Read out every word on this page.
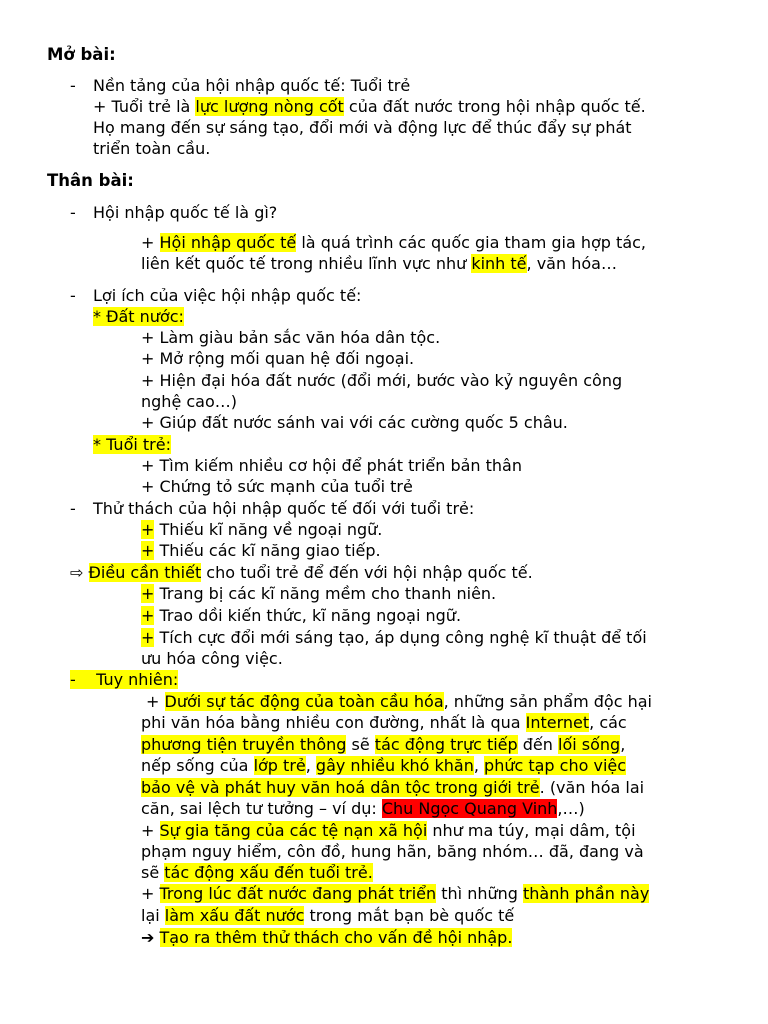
Mở bài:
- Nền tảng của hội nhập quốc tế: Tuổi trẻ
+ Tuổi trẻ là lực lượng nòng cốt của đất nước trong hội nhập quốc tế.
Họ mang đến sự sáng tạo, đổi mới và động lực để thúc đẩy sự phát
triển toàn cầu.
Thân bài:
- Hội nhập quốc tế là gì?
+ Hội nhập quốc tế là quá trình các quốc gia tham gia hợp tác,
liên kết quốc tế trong nhiều lĩnh vực như kinh tế, văn hóa…
- Lợi ích của việc hội nhập quốc tế:
* Đất nước:
+ Làm giàu bản sắc văn hóa dân tộc.
+ Mở rộng mối quan hệ đối ngoại.
+ Hiện đại hóa đất nước (đổi mới, bước vào kỷ nguyên công
nghệ cao…)
+ Giúp đất nước sánh vai với các cường quốc 5 châu.
* Tuổi trẻ:
+ Tìm kiếm nhiều cơ hội để phát triển bản thân
+ Chứng tỏ sức mạnh của tuổi trẻ
- Thử thách của hội nhập quốc tế đối với tuổi trẻ:
+ Thiếu kĩ năng về ngoại ngữ.
+ Thiếu các kĩ năng giao tiếp.
⇨ Điều cần thiết cho tuổi trẻ để đến với hội nhập quốc tế.
+ Trang bị các kĩ năng mềm cho thanh niên.
+ Trao dồi kiến thức, kĩ năng ngoại ngữ.
+ Tích cực đổi mới sáng tạo, áp dụng công nghệ kĩ thuật để tối
ưu hóa công việc.
- Tuy nhiên:
+ Dưới sự tác động của toàn cầu hóa, những sản phẩm độc hại
phi văn hóa bằng nhiều con đường, nhất là qua Internet, các
phương tiện truyền thông sẽ tác động trực tiếp đến lối sống,
nếp sống của lớp trẻ, gây nhiều khó khăn, phức tạp cho việc
bảo vệ và phát huy văn hoá dân tộc trong giới trẻ. (văn hóa lai
căn, sai lệch tư tưởng – ví dụ: Chu Ngọc Quang Vinh,…)
+ Sự gia tăng của các tệ nạn xã hội như ma túy, mại dâm, tội
phạm nguy hiểm, côn đồ, hung hãn, băng nhóm… đã, đang và
sẽ tác động xấu đến tuổi trẻ.
+ Trong lúc đất nước đang phát triển thì những thành phần này
lại làm xấu đất nước trong mắt bạn bè quốc tế
➔ Tạo ra thêm thử thách cho vấn đề hội nhập.
